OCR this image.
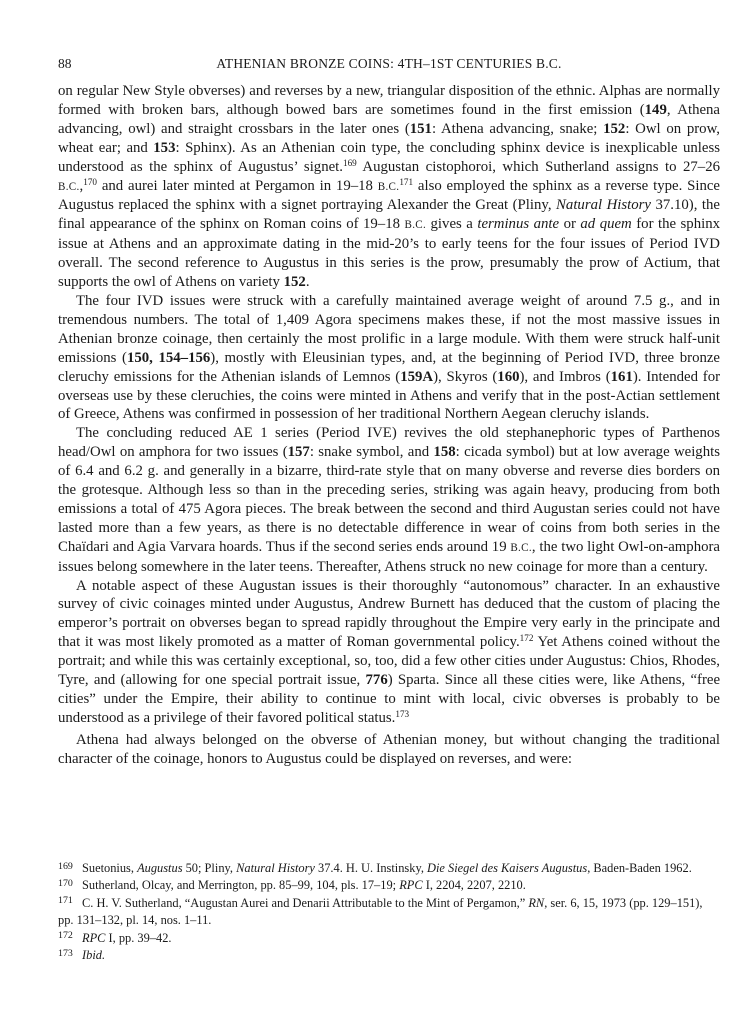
88	ATHENIAN BRONZE COINS: 4TH–1ST CENTURIES B.C.

on regular New Style obverses) and reverses by a new, triangular disposition of the ethnic. Alphas are normally formed with broken bars, although bowed bars are sometimes found in the first emission (149, Athena advancing, owl) and straight crossbars in the later ones (151: Athena advancing, snake; 152: Owl on prow, wheat ear; and 153: Sphinx). As an Athenian coin type, the concluding sphinx device is inexplicable unless understood as the sphinx of Augustus’ signet.$^{169}$ Augustan cistophoroi, which Sutherland assigns to 27–26 B.C.,$^{170}$ and aurei later minted at Pergamon in 19–18 B.C.$^{171}$ also employed the sphinx as a reverse type. Since Augustus replaced the sphinx with a signet portraying Alexander the Great (Pliny, Natural History 37.10), the final appearance of the sphinx on Roman coins of 19–18 B.C. gives a terminus ante or ad quem for the sphinx issue at Athens and an approximate dating in the mid-20’s to early teens for the four issues of Period IVD overall. The second reference to Augustus in this series is the prow, presumably the prow of Actium, that supports the owl of Athens on variety 152.

The four IVD issues were struck with a carefully maintained average weight of around 7.5 g., and in tremendous numbers. The total of 1,409 Agora specimens makes these, if not the most massive issues in Athenian bronze coinage, then certainly the most prolific in a large module. With them were struck half-unit emissions (150, 154–156), mostly with Eleusinian types, and, at the beginning of Period IVD, three bronze cleruchy emissions for the Athenian islands of Lemnos (159A), Skyros (160), and Imbros (161). Intended for overseas use by these cleruchies, the coins were minted in Athens and verify that in the post-Actian settlement of Greece, Athens was confirmed in possession of her traditional Northern Aegean cleruchy islands.

The concluding reduced AE 1 series (Period IVE) revives the old stephanephoric types of Parthenos head/Owl on amphora for two issues (157: snake symbol, and 158: cicada symbol) but at low average weights of 6.4 and 6.2 g. and generally in a bizarre, third-rate style that on many obverse and reverse dies borders on the grotesque. Although less so than in the preceding series, striking was again heavy, producing from both emissions a total of 475 Agora pieces. The break between the second and third Augustan series could not have lasted more than a few years, as there is no detectable difference in wear of coins from both series in the Chaïdari and Agia Varvara hoards. Thus if the second series ends around 19 B.C., the two light Owl-on-amphora issues belong somewhere in the later teens. Thereafter, Athens struck no new coinage for more than a century.

A notable aspect of these Augustan issues is their thoroughly “autonomous” character. In an exhaustive survey of civic coinages minted under Augustus, Andrew Burnett has deduced that the custom of placing the emperor’s portrait on obverses began to spread rapidly throughout the Empire very early in the principate and that it was most likely promoted as a matter of Roman governmental policy.$^{172}$ Yet Athens coined without the portrait; and while this was certainly exceptional, so, too, did a few other cities under Augustus: Chios, Rhodes, Tyre, and (allowing for one special portrait issue, 776) Sparta. Since all these cities were, like Athens, “free cities” under the Empire, their ability to continue to mint with local, civic obverses is probably to be understood as a privilege of their favored political status.$^{173}$

Athena had always belonged on the obverse of Athenian money, but without changing the traditional character of the coinage, honors to Augustus could be displayed on reverses, and were:

169 Suetonius, Augustus 50; Pliny, Natural History 37.4. H. U. Instinsky, Die Siegel des Kaisers Augustus, Baden-Baden 1962.

170 Sutherland, Olcay, and Merrington, pp. 85–99, 104, pls. 17–19; RPC I, 2204, 2207, 2210.

171 C. H. V. Sutherland, “Augustan Aurei and Denarii Attributable to the Mint of Pergamon,” RN, ser. 6, 15, 1973 (pp. 129–151), pp. 131–132, pl. 14, nos. 1–11.

172 RPC I, pp. 39–42.

173 Ibid.
